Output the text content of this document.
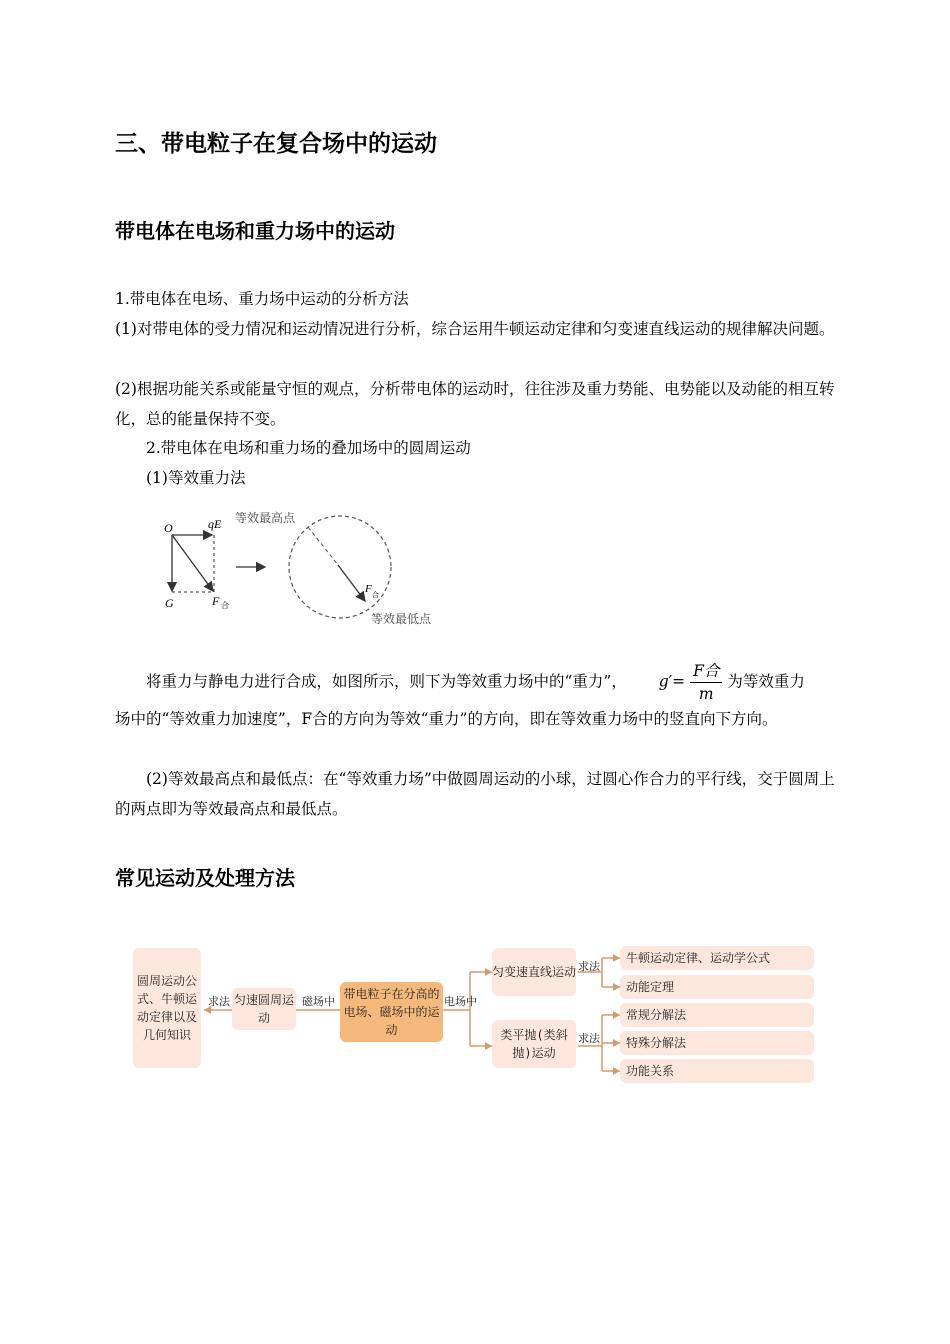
三、带电粒子在复合场中的运动
带电体在电场和重力场中的运动
1.带电体在电场、重力场中运动的分析方法
(1)对带电体的受力情况和运动情况进行分析，综合运用牛顿运动定律和匀变速直线运动的规律解决问题。
(2)根据功能关系或能量守恒的观点，分析带电体的运动时，往往涉及重力势能、电势能以及动能的相互转化，总的能量保持不变。
2.带电体在电场和重力场的叠加场中的圆周运动
(1)等效重力法
O	qE
G	F 合
F 合
等效最高点
等效最低点
将重力与静电力进行合成，如图所示，则下为等效重力场中的“重力”， $g'= \frac{\text{F合}}{m}$ 为等效重力
场中的“等效重力加速度”，F合的方向为等效“重力”的方向，即在等效重力场中的竖直向下方向。
(2)等效最高点和最低点：在“等效重力场”中做圆周运动的小球，过圆心作合力的平行线，交于圆周上的两点即为等效最高点和最低点。
常见运动及处理方法
圆周运动公式、牛顿运动定律以及几何知识
匀速圆周运动
带电粒子在分高的电场、磁场中的运动
匀变速直线运动
类平抛(类斜抛)运动
牛顿运动定律、运动学公式
动能定理
常规分解法
特殊分解法
功能关系
求法	磁场中	电场中
求法
求法
